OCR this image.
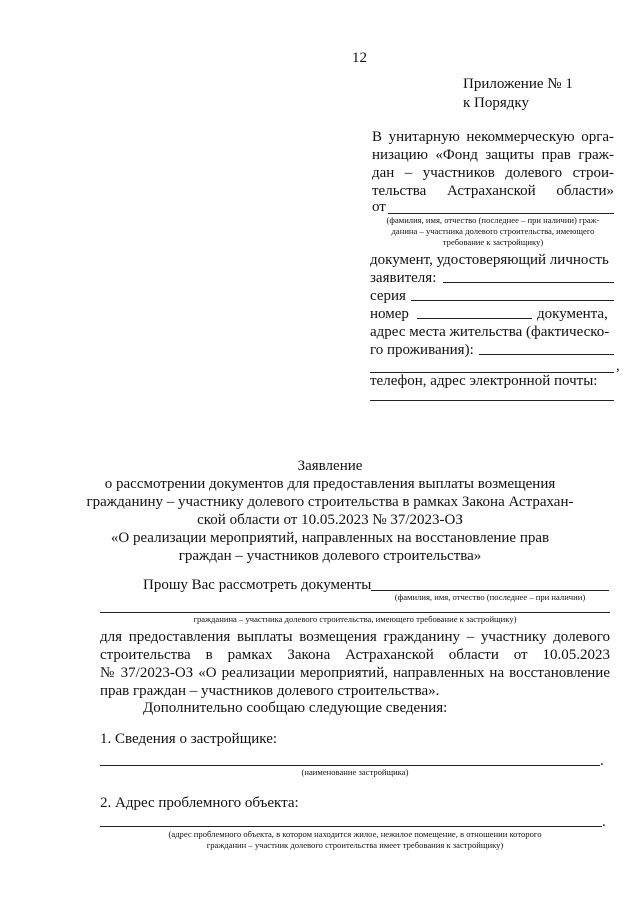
12
Приложение № 1
к Порядку
В унитарную некоммерческую орга-
низацию «Фонд защиты прав граж-
дан – участников долевого строи-
тельства Астраханской области»
от
(фамилия, имя, отчество (последнее – при наличии) граж-
данина – участника долевого строительства, имеющего
требование к застройщику)
документ, удостоверяющий личность
заявителя:
серия
номер	документа,
адрес места жительства (фактическо-
го проживания):
,
телефон, адрес электронной почты:
Заявление
о рассмотрении документов для предоставления выплаты возмещения
гражданину – участнику долевого строительства в рамках Закона Астрахан-
ской области от 10.05.2023 № 37/2023-ОЗ
«О реализации мероприятий, направленных на восстановление прав
граждан – участников долевого строительства»
Прошу Вас рассмотреть документы
(фамилия, имя, отчество (последнее – при наличии)
гражданина – участника долевого строительства, имеющего требование к застройщику)
для предоставления выплаты возмещения гражданину – участнику долевого
строительства в рамках Закона Астраханской области от 10.05.2023
№ 37/2023-ОЗ «О реализации мероприятий, направленных на восстановление
прав граждан – участников долевого строительства».
Дополнительно сообщаю следующие сведения:
1. Сведения о застройщике:
.
(наименование застройщика)
2. Адрес проблемного объекта:
.
(адрес проблемного объекта, в котором находится жилое, нежилое помещение, в отношении которого
гражданин – участник долевого строительства имеет требования к застройщику)
